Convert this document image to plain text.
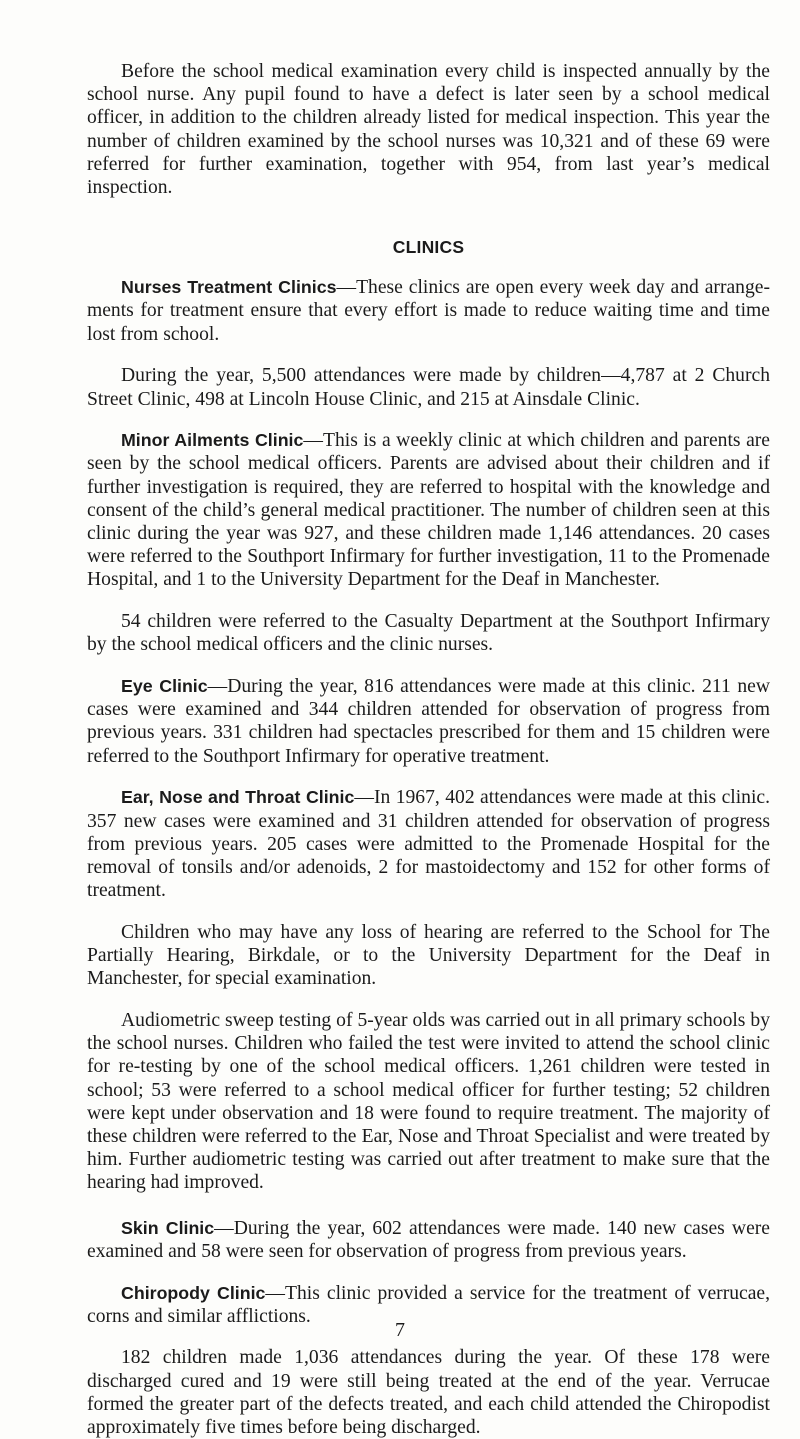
Before the school medical examination every child is inspected annually by the school nurse. Any pupil found to have a defect is later seen by a school medical officer, in addition to the children already listed for medical inspection. This year the number of children examined by the school nurses was 10,321 and of these 69 were referred for further examination, together with 954, from last year’s medical inspection.

CLINICS

Nurses Treatment Clinics—These clinics are open every week day and arrange-ments for treatment ensure that every effort is made to reduce waiting time and time lost from school.

During the year, 5,500 attendances were made by children—4,787 at 2 Church Street Clinic, 498 at Lincoln House Clinic, and 215 at Ainsdale Clinic.

Minor Ailments Clinic—This is a weekly clinic at which children and parents are seen by the school medical officers. Parents are advised about their children and if further investigation is required, they are referred to hospital with the knowledge and consent of the child’s general medical practitioner. The number of children seen at this clinic during the year was 927, and these children made 1,146 attendances. 20 cases were referred to the Southport Infirmary for further investigation, 11 to the Promenade Hospital, and 1 to the University Department for the Deaf in Manchester.

54 children were referred to the Casualty Department at the Southport Infirmary by the school medical officers and the clinic nurses.

Eye Clinic—During the year, 816 attendances were made at this clinic. 211 new cases were examined and 344 children attended for observation of progress from previous years. 331 children had spectacles prescribed for them and 15 children were referred to the Southport Infirmary for operative treatment.

Ear, Nose and Throat Clinic—In 1967, 402 attendances were made at this clinic. 357 new cases were examined and 31 children attended for observation of progress from previous years. 205 cases were admitted to the Promenade Hospital for the removal of tonsils and/or adenoids, 2 for mastoidectomy and 152 for other forms of treatment.

Children who may have any loss of hearing are referred to the School for The Partially Hearing, Birkdale, or to the University Department for the Deaf in Manchester, for special examination.

Audiometric sweep testing of 5-year olds was carried out in all primary schools by the school nurses. Children who failed the test were invited to attend the school clinic for re-testing by one of the school medical officers. 1,261 children were tested in school; 53 were referred to a school medical officer for further testing; 52 children were kept under observation and 18 were found to require treatment. The majority of these children were referred to the Ear, Nose and Throat Specialist and were treated by him. Further audiometric testing was carried out after treatment to make sure that the hearing had improved.

Skin Clinic—During the year, 602 attendances were made. 140 new cases were examined and 58 were seen for observation of progress from previous years.

Chiropody Clinic—This clinic provided a service for the treatment of verrucae, corns and similar afflictions.

182 children made 1,036 attendances during the year. Of these 178 were discharged cured and 19 were still being treated at the end of the year. Verrucae formed the greater part of the defects treated, and each child attended the Chiropodist approximately five times before being discharged.

7
